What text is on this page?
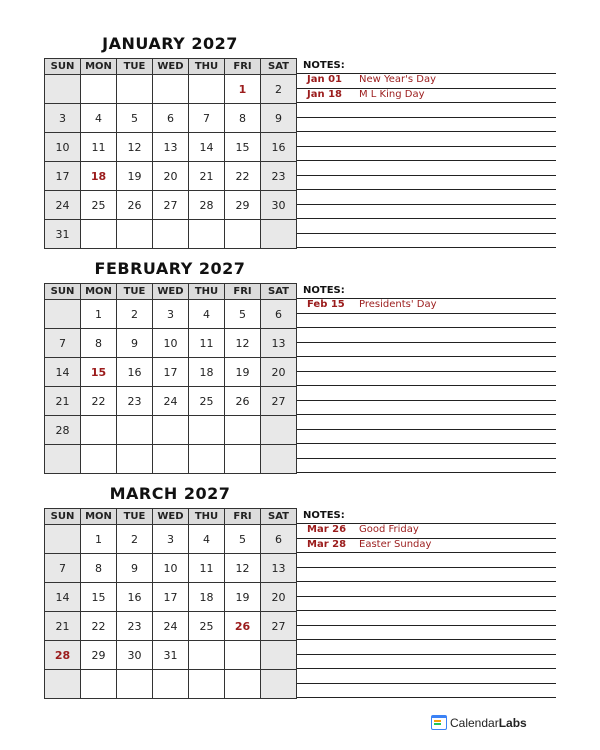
JANUARY 2027
SUN	MON	TUE	WED	THU	FRI	SAT
					1	2
3	4	5	6	7	8	9
10	11	12	13	14	15	16
17	18	19	20	21	22	23
24	25	26	27	28	29	30
31						
NOTES:
Jan 01 New Year's Day
Jan 18 M L King Day
FEBRUARY 2027
SUN	MON	TUE	WED	THU	FRI	SAT
	1	2	3	4	5	6
7	8	9	10	11	12	13
14	15	16	17	18	19	20
21	22	23	24	25	26	27
28						

NOTES:
Feb 15 Presidents' Day
MARCH 2027
SUN	MON	TUE	WED	THU	FRI	SAT
	1	2	3	4	5	6
7	8	9	10	11	12	13
14	15	16	17	18	19	20
21	22	23	24	25	26	27
28	29	30	31			

NOTES:
Mar 26 Good Friday
Mar 28 Easter Sunday
Calendar Labs
